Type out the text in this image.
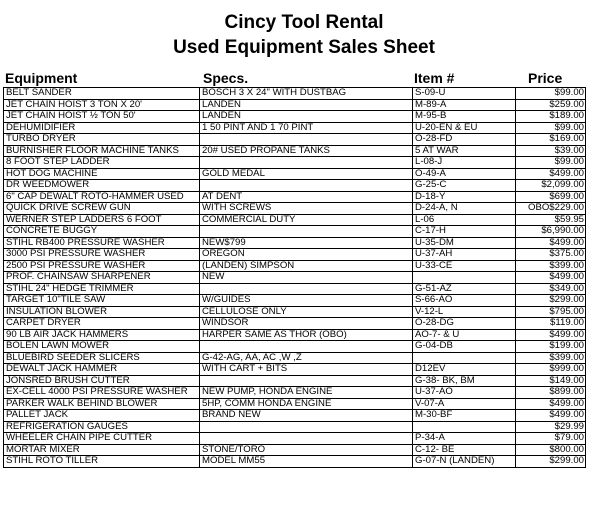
Cincy Tool Rental
Used Equipment Sales Sheet
Equipment	Specs.	Item #	Price
BELT SANDER	BOSCH 3 X 24" WITH DUSTBAG	S-09-U	$99.00
JET CHAIN HOIST 3 TON X 20'	LANDEN	M-89-A	$259.00
JET CHAIN HOIST ½ TON 50'	LANDEN	M-95-B	$189.00
DEHUMIDIFIER	1 50 PINT AND 1 70 PINT	U-20-EN & EU	$99.00
TURBO DRYER		O-28-FD	$169.00
BURNISHER FLOOR MACHINE TANKS	20# USED PROPANE TANKS	5 AT WAR	$39.00
8 FOOT STEP LADDER		L-08-J	$99.00
HOT DOG MACHINE	GOLD MEDAL	O-49-A	$499.00
DR WEEDMOWER		G-25-C	$2,099.00
6" CAP DEWALT ROTO-HAMMER USED	AT DENT	D-18-Y	$699.00
QUICK DRIVE SCREW GUN	WITH SCREWS	D-24-A, N	OBO$229.00
WERNER STEP LADDERS 6 FOOT	COMMERCIAL DUTY	L-06	$59.95
CONCRETE BUGGY		C-17-H	$6,990.00
STIHL RB400 PRESSURE WASHER	NEW$799	U-35-DM	$499.00
3000 PSI PRESSURE WASHER	OREGON	U-37-AH	$375.00
2500 PSI PRESSURE WASHER	(LANDEN) SIMPSON	U-33-CE	$399.00
PROF. CHAINSAW SHARPENER	NEW		$499.00
STIHL 24" HEDGE TRIMMER		G-51-AZ	$349.00
TARGET 10"TILE SAW	W/GUIDES	S-66-AO	$299.00
INSULATION BLOWER	CELLULOSE ONLY	V-12-L	$795.00
CARPET DRYER	WINDSOR	O-28-DG	$119.00
90 LB AIR JACK HAMMERS	HARPER SAME AS THOR (OBO)	AO-7- & U	$499.00
BOLEN LAWN MOWER		G-04-DB	$199.00
BLUEBIRD SEEDER SLICERS	G-42-AG, AA, AC ,W ,Z		$399.00
DEWALT JACK HAMMER	WITH CART + BITS	D12EV	$999.00
JONSRED BRUSH CUTTER		G-38- BK, BM	$149.00
EX-CELL 4000 PSI PRESSURE WASHER	NEW PUMP, HONDA ENGINE	U-37-AO	$899.00
PARKER WALK BEHIND BLOWER	5HP, COMM HONDA ENGINE	V-07-A	$499.00
PALLET JACK	BRAND NEW	M-30-BF	$499.00
REFRIGERATION GAUGES			$29.99
WHEELER CHAIN PIPE CUTTER		P-34-A	$79.00
MORTAR MIXER	STONE/TORO	C-12- BE	$800.00
STIHL ROTO TILLER	MODEL MM55	G-07-N (LANDEN)	$299.00
